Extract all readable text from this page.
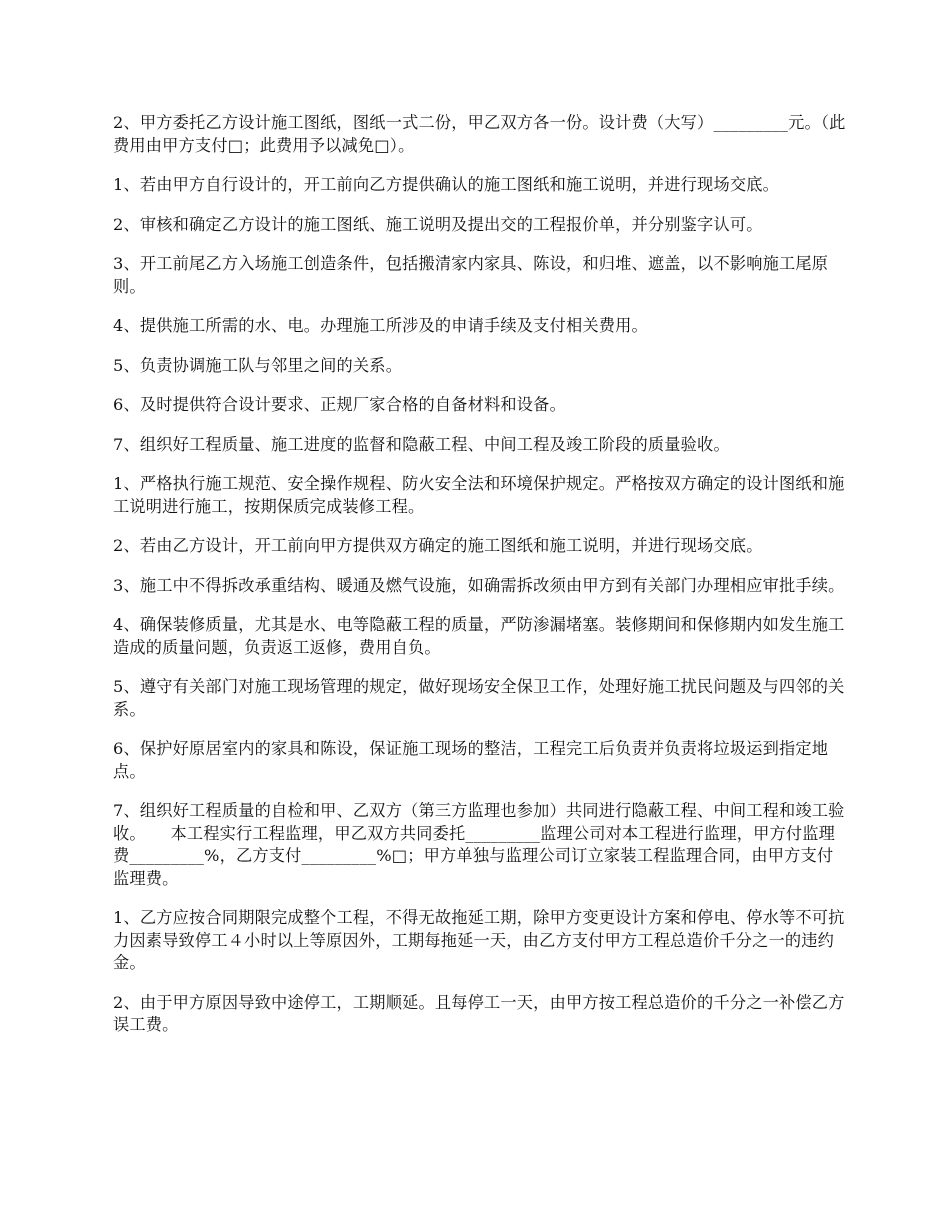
2、甲方委托乙方设计施工图纸，图纸一式二份，甲乙双方各一份。设计费（大写）_________元。（此费用由甲方支付□；此费用予以减免□）。

1、若由甲方自行设计的，开工前向乙方提供确认的施工图纸和施工说明，并进行现场交底。

2、审核和确定乙方设计的施工图纸、施工说明及提出交的工程报价单，并分别鉴字认可。

3、开工前尾乙方入场施工创造条件，包括搬清家内家具、陈设，和归堆、遮盖，以不影响施工尾原则。

4、提供施工所需的水、电。办理施工所涉及的申请手续及支付相关费用。

5、负责协调施工队与邻里之间的关系。

6、及时提供符合设计要求、正规厂家合格的自备材料和设备。

7、组织好工程质量、施工进度的监督和隐蔽工程、中间工程及竣工阶段的质量验收。

1、严格执行施工规范、安全操作规程、防火安全法和环境保护规定。严格按双方确定的设计图纸和施工说明进行施工，按期保质完成装修工程。

2、若由乙方设计，开工前向甲方提供双方确定的施工图纸和施工说明，并进行现场交底。

3、施工中不得拆改承重结构、暖通及燃气设施，如确需拆改须由甲方到有关部门办理相应审批手续。

4、确保装修质量，尤其是水、电等隐蔽工程的质量，严防渗漏堵塞。装修期间和保修期内如发生施工造成的质量问题，负责返工返修，费用自负。

5、遵守有关部门对施工现场管理的规定，做好现场安全保卫工作，处理好施工扰民问题及与四邻的关系。

6、保护好原居室内的家具和陈设，保证施工现场的整洁，工程完工后负责并负责将垃圾运到指定地点。

7、组织好工程质量的自检和甲、乙双方（第三方监理也参加）共同进行隐蔽工程、中间工程和竣工验收。　　本工程实行工程监理，甲乙双方共同委托_________监理公司对本工程进行监理，甲方付监理费_________%，乙方支付_________%□；甲方单独与监理公司订立家装工程监理合同，由甲方支付监理费。

1、乙方应按合同期限完成整个工程，不得无故拖延工期，除甲方变更设计方案和停电、停水等不可抗力因素导致停工４小时以上等原因外，工期每拖延一天，由乙方支付甲方工程总造价千分之一的违约金。

2、由于甲方原因导致中途停工，工期顺延。且每停工一天，由甲方按工程总造价的千分之一补偿乙方误工费。
